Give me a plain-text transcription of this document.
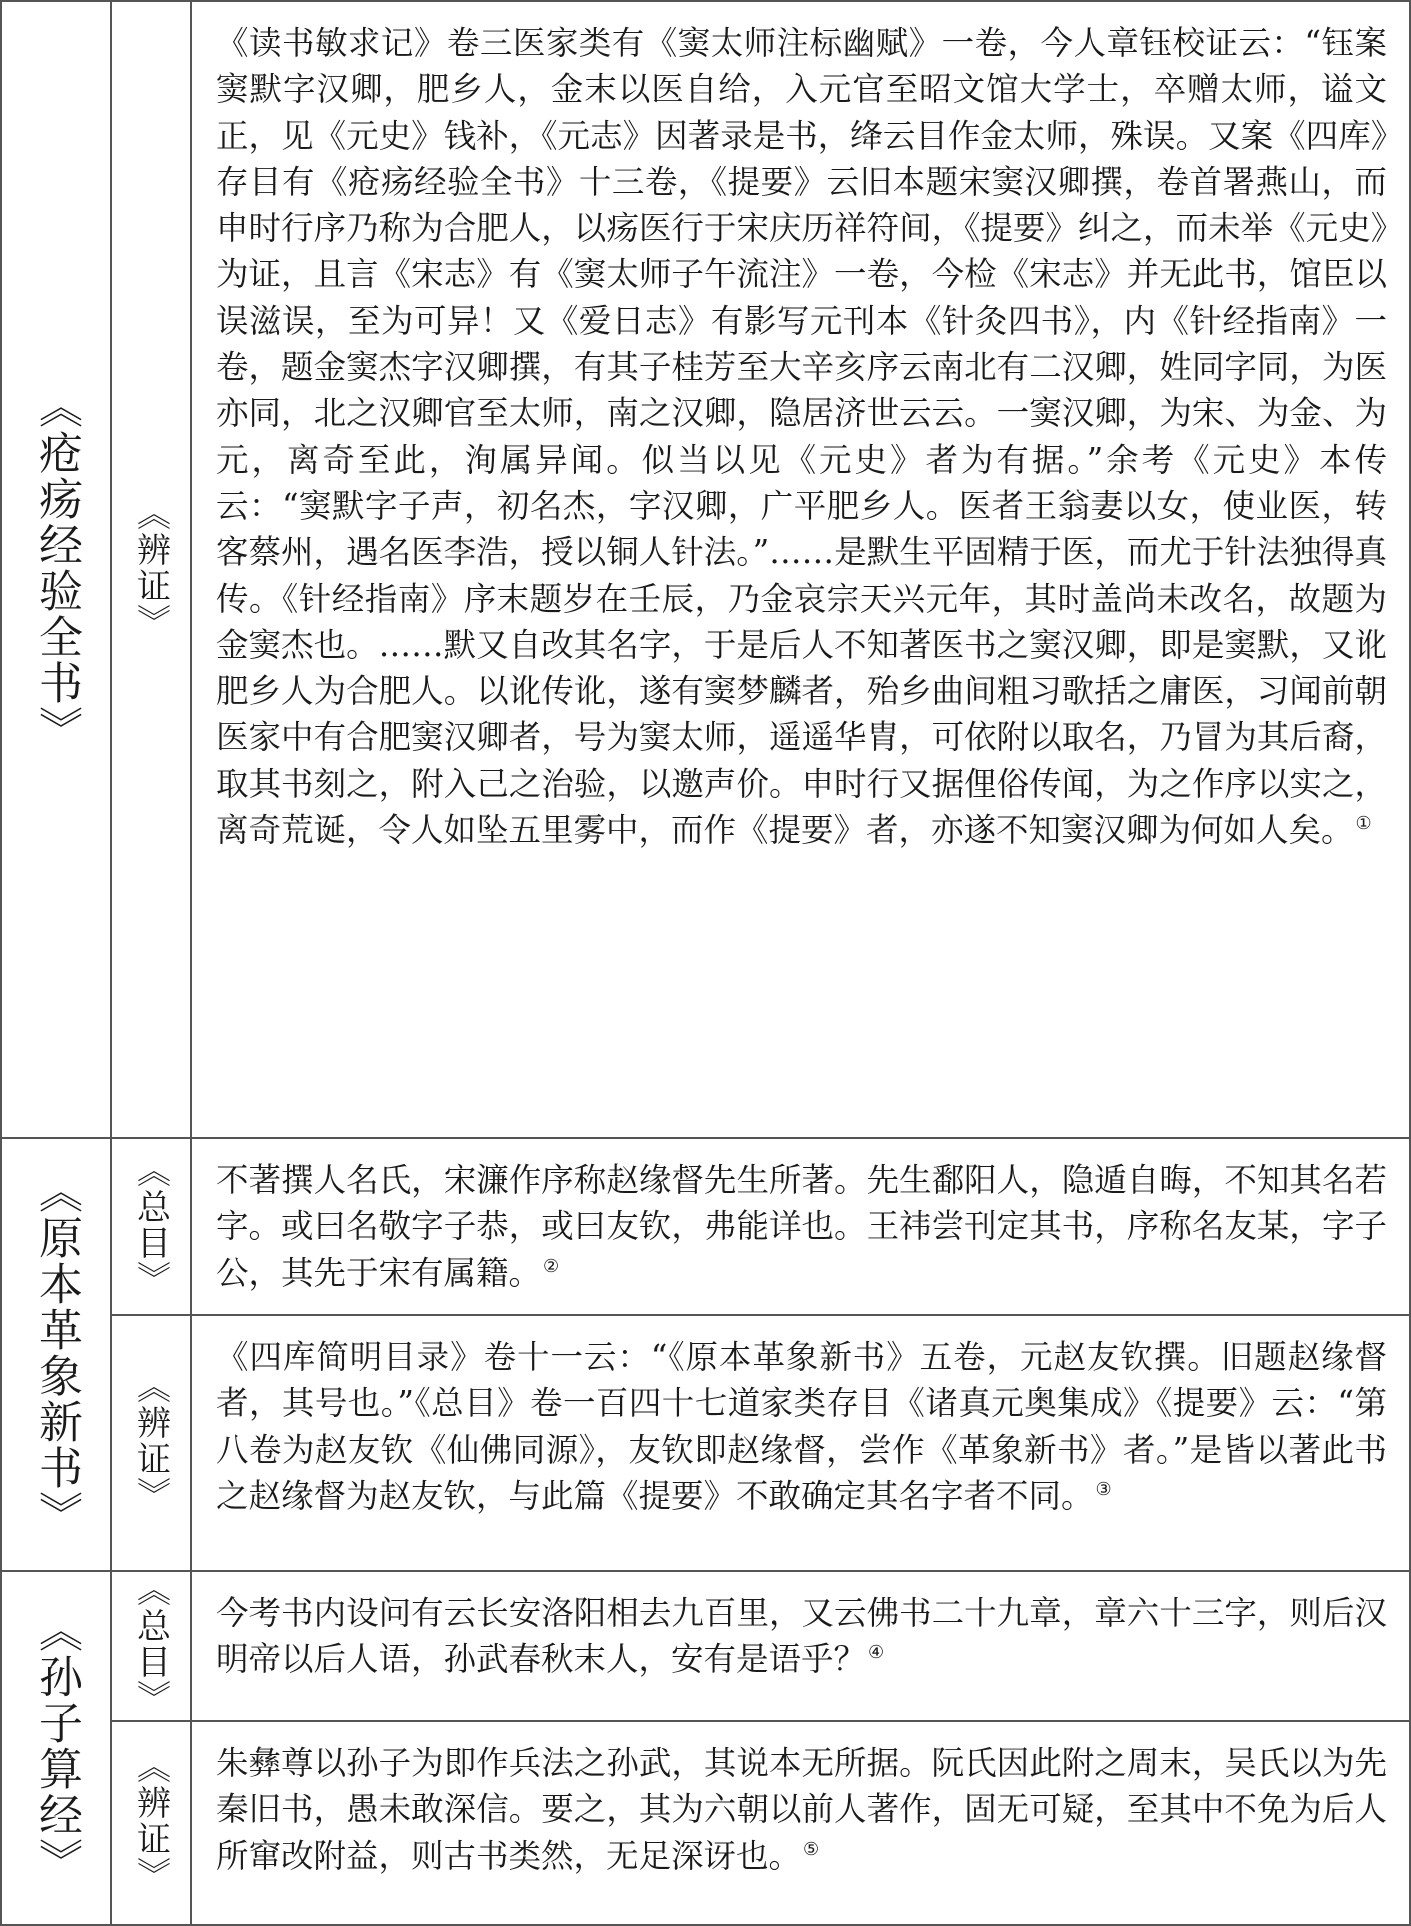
《疮疡经验全书》	《辨证》	《读书敏求记》卷三医家类有《窦太师注标幽赋》一卷，今人章钰校证云：“钰案窦默字汉卿，肥乡人，金末以医自给，入元官至昭文馆大学士，卒赠太师，谥文正，见《元史》钱补，《元志》因著录是书，绛云目作金太师，殊误。又案《四库》存目有《疮疡经验全书》十三卷，《提要》云旧本题宋窦汉卿撰，卷首署燕山，而申时行序乃称为合肥人，以疡医行于宋庆历祥符间，《提要》纠之，而未举《元史》为证，且言《宋志》有《窦太师子午流注》一卷，今检《宋志》并无此书，馆臣以误滋误，至为可异！又《爱日志》有影写元刊本《针灸四书》，内《针经指南》一卷，题金窦杰字汉卿撰，有其子桂芳至大辛亥序云南北有二汉卿，姓同字同，为医亦同，北之汉卿官至太师，南之汉卿，隐居济世云云。一窦汉卿，为宋、为金、为元，离奇至此，洵属异闻。似当以见《元史》者为有据。”余考《元史》本传云：“窦默字子声，初名杰，字汉卿，广平肥乡人。医者王翁妻以女，使业医，转客蔡州，遇名医李浩，授以铜人针法。”……是默生平固精于医，而尤于针法独得真传。《针经指南》序末题岁在壬辰，乃金哀宗天兴元年，其时盖尚未改名，故题为金窦杰也。……默又自改其名字，于是后人不知著医书之窦汉卿，即是窦默，又讹肥乡人为合肥人。以讹传讹，遂有窦梦麟者，殆乡曲间粗习歌括之庸医，习闻前朝医家中有合肥窦汉卿者，号为窦太师，遥遥华胄，可依附以取名，乃冒为其后裔，取其书刻之，附入己之治验，以邀声价。申时行又据俚俗传闻，为之作序以实之，离奇荒诞，令人如坠五里雾中，而作《提要》者，亦遂不知窦汉卿为何如人矣。 ①
《原本革象新书》	《总目》	不著撰人名氏，宋濂作序称赵缘督先生所著。先生鄱阳人，隐遁自晦，不知其名若字。或曰名敬字子恭，或曰友钦，弗能详也。王祎尝刊定其书，序称名友某，字子公，其先于宋有属籍。 ②
	《辨证》	《四库简明目录》卷十一云：“《原本革象新书》五卷，元赵友钦撰。旧题赵缘督者，其号也。”《总目》卷一百四十七道家类存目《诸真元奥集成》《提要》云：“第八卷为赵友钦《仙佛同源》，友钦即赵缘督，尝作《革象新书》者。”是皆以著此书之赵缘督为赵友钦，与此篇《提要》不敢确定其名字者不同。 ③
《孙子算经》	《总目》	今考书内设问有云长安洛阳相去九百里，又云佛书二十九章，章六十三字，则后汉明帝以后人语，孙武春秋末人，安有是语乎？ ④
	《辨证》	朱彝尊以孙子为即作兵法之孙武，其说本无所据。阮氏因此附之周末，吴氏以为先秦旧书，愚未敢深信。要之，其为六朝以前人著作，固无可疑，至其中不免为后人所窜改附益，则古书类然，无足深讶也。 ⑤
